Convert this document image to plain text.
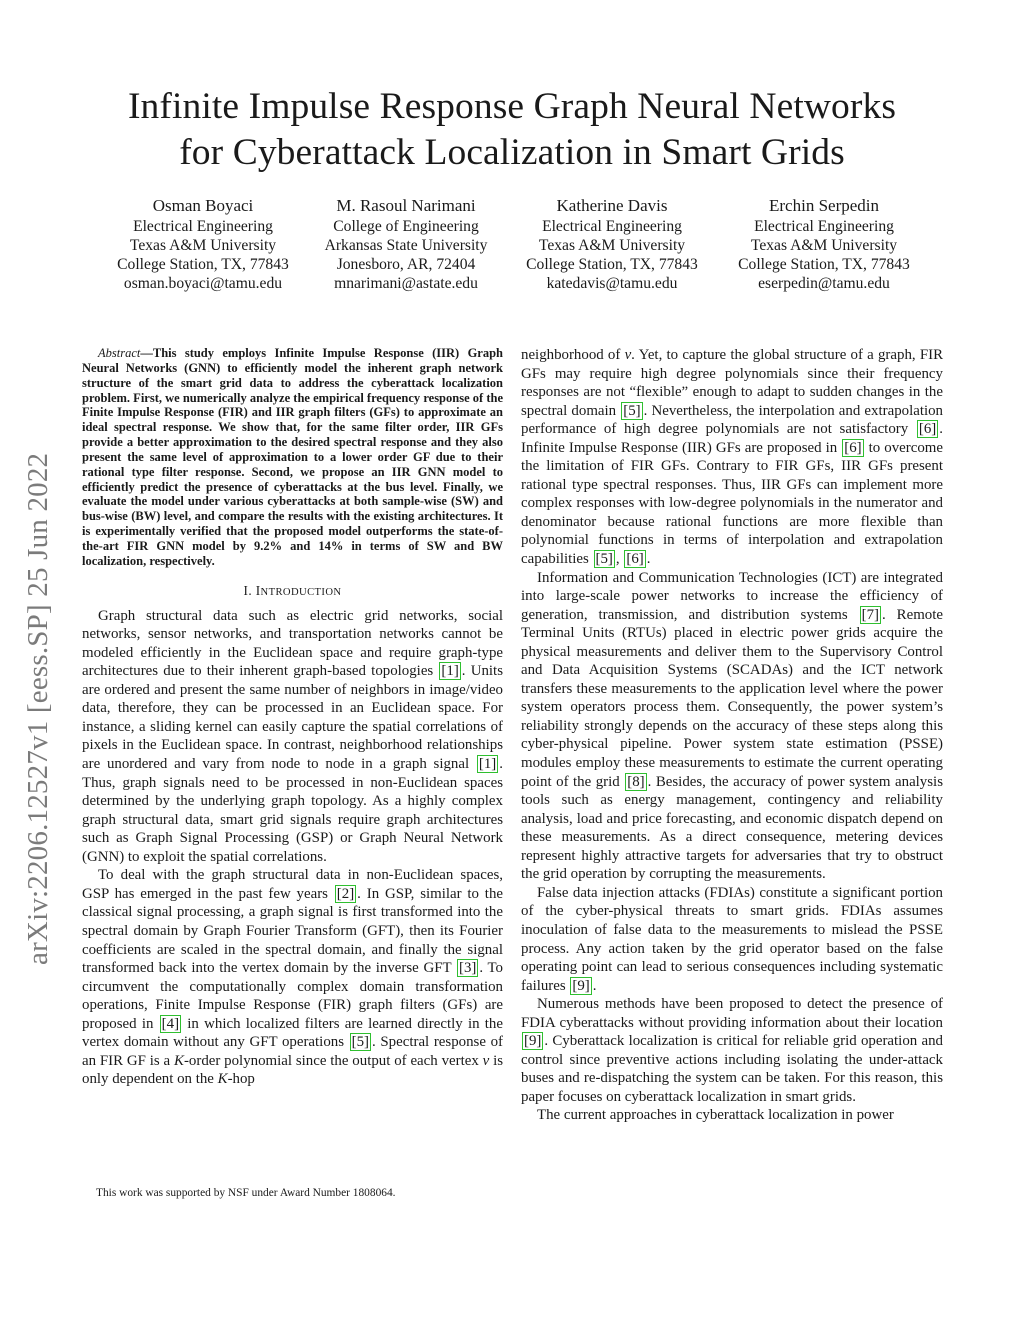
Infinite Impulse Response Graph Neural Networks
for Cyberattack Localization in Smart Grids
Osman Boyaci
Electrical Engineering
Texas A&M University
College Station, TX, 77843
osman.boyaci@tamu.edu
M. Rasoul Narimani
College of Engineering
Arkansas State University
Jonesboro, AR, 72404
mnarimani@astate.edu
Katherine Davis
Electrical Engineering
Texas A&M University
College Station, TX, 77843
katedavis@tamu.edu
Erchin Serpedin
Electrical Engineering
Texas A&M University
College Station, TX, 77843
eserpedin@tamu.edu
arXiv:2206.12527v1 [eess.SP] 25 Jun 2022

Abstract—This study employs Infinite Impulse Response (IIR) Graph Neural Networks (GNN) to efficiently model the inherent graph network structure of the smart grid data to address the cyberattack localization problem. First, we numerically analyze the empirical frequency response of the Finite Impulse Response (FIR) and IIR graph filters (GFs) to approximate an ideal spectral response. We show that, for the same filter order, IIR GFs provide a better approximation to the desired spectral response and they also present the same level of approximation to a lower order GF due to their rational type filter response. Second, we propose an IIR GNN model to efficiently predict the presence of cyberattacks at the bus level. Finally, we evaluate the model under various cyberattacks at both sample-wise (SW) and bus-wise (BW) level, and compare the results with the existing architectures. It is experimentally verified that the proposed model outperforms the state-of-the-art FIR GNN model by 9.2% and 14% in terms of SW and BW localization, respectively.

I. INTRODUCTION

Graph structural data such as electric grid networks, social networks, sensor networks, and transportation networks cannot be modeled efficiently in the Euclidean space and require graph-type architectures due to their inherent graph-based topologies [1] . Units are ordered and present the same number of neighbors in image/video data, therefore, they can be processed in an Euclidean space. For instance, a sliding kernel can easily capture the spatial correlations of pixels in the Euclidean space. In contrast, neighborhood relationships are unordered and vary from node to node in a graph signal [1] . Thus, graph signals need to be processed in non-Euclidean spaces determined by the underlying graph topology. As a highly complex graph structural data, smart grid signals require graph architectures such as Graph Signal Processing (GSP) or Graph Neural Network (GNN) to exploit the spatial correlations.

To deal with the graph structural data in non-Euclidean spaces, GSP has emerged in the past few years [2] . In GSP, similar to the classical signal processing, a graph signal is first transformed into the spectral domain by Graph Fourier Transform (GFT), then its Fourier coefficients are scaled in the spectral domain, and finally the signal transformed back into the vertex domain by the inverse GFT [3] . To circumvent the computationally complex domain transformation operations, Finite Impulse Response (FIR) graph filters (GFs) are proposed in [4] in which localized filters are learned directly in the vertex domain without any GFT operations [5] . Spectral response of an FIR GF is a K-order polynomial since the output of each vertex v is only dependent on the K-hop

This work was supported by NSF under Award Number 1808064.

neighborhood of v. Yet, to capture the global structure of a graph, FIR GFs may require high degree polynomials since their frequency responses are not “flexible” enough to adapt to sudden changes in the spectral domain [5] . Nevertheless, the interpolation and extrapolation performance of high degree polynomials are not satisfactory [6] . Infinite Impulse Response (IIR) GFs are proposed in [6] to overcome the limitation of FIR GFs. Contrary to FIR GFs, IIR GFs present rational type spectral responses. Thus, IIR GFs can implement more complex responses with low-degree polynomials in the numerator and denominator because rational functions are more flexible than polynomial functions in terms of interpolation and extrapolation capabilities [5] , [6] .

Information and Communication Technologies (ICT) are integrated into large-scale power networks to increase the efficiency of generation, transmission, and distribution systems [7] . Remote Terminal Units (RTUs) placed in electric power grids acquire the physical measurements and deliver them to the Supervisory Control and Data Acquisition Systems (SCADAs) and the ICT network transfers these measurements to the application level where the power system operators process them. Consequently, the power system’s reliability strongly depends on the accuracy of these steps along this cyber-physical pipeline. Power system state estimation (PSSE) modules employ these measurements to estimate the current operating point of the grid [8] . Besides, the accuracy of power system analysis tools such as energy management, contingency and reliability analysis, load and price forecasting, and economic dispatch depend on these measurements. As a direct consequence, metering devices represent highly attractive targets for adversaries that try to obstruct the grid operation by corrupting the measurements.

False data injection attacks (FDIAs) constitute a significant portion of the cyber-physical threats to smart grids. FDIAs assumes inoculation of false data to the measurements to mislead the PSSE process. Any action taken by the grid operator based on the false operating point can lead to serious consequences including systematic failures [9] .

Numerous methods have been proposed to detect the presence of FDIA cyberattacks without providing information about their location [9] . Cyberattack localization is critical for reliable grid operation and control since preventive actions including isolating the under-attack buses and re-dispatching the system can be taken. For this reason, this paper focuses on cyberattack localization in smart grids.

The current approaches in cyberattack localization in power
